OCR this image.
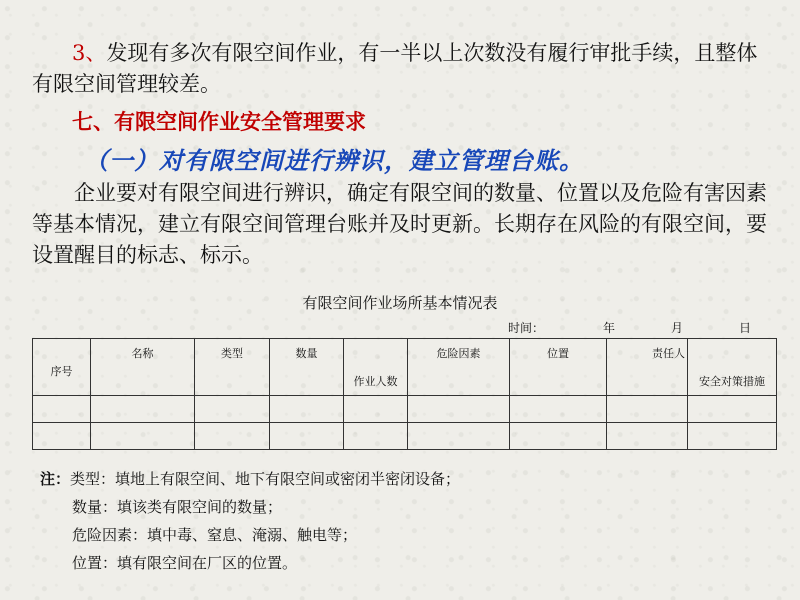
3、发现有多次有限空间作业，有一半以上次数没有履行审批手续，且整体有限空间管理较差。
七、有限空间作业安全管理要求
（一）对有限空间进行辨识，建立管理台账。
企业要对有限空间进行辨识，确定有限空间的数量、位置以及危险有害因素等基本情况，建立有限空间管理台账并及时更新。长期存在风险的有限空间，要设置醒目的标志、标示。
有限空间作业场所基本情况表
时间：	年	月	日
序号	名称	类型	数量	作业人数	危险因素	位置	责任人	安全对策措施

注：类型：填地上有限空间、地下有限空间或密闭半密闭设备；
数量：填该类有限空间的数量；
危险因素：填中毒、窒息、淹溺、触电等；
位置：填有限空间在厂区的位置。
